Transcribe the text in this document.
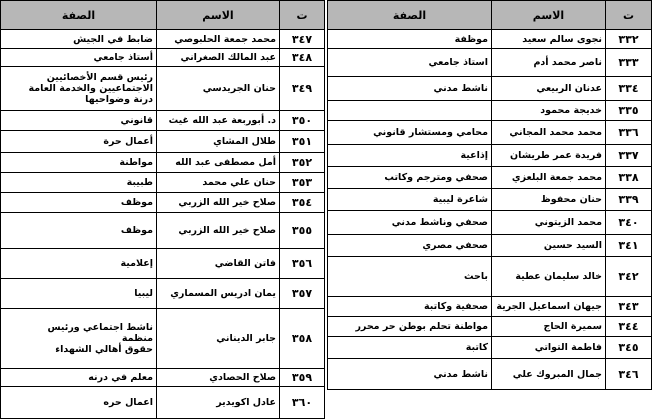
ت	الاسم	الصفة
٣٣٢	نجوى سالم سعيد	موظفة
٣٣٣	ناصر محمد أدم	استاذ جامعي
٣٣٤	عدنان الربيعي	ناشط مدني
٣٣٥	خديجة محمود	
٣٣٦	محمد محمد المجاني	محامي ومستشار قانوني
٣٣٧	فريدة عمر طريشان	إذاعية
٣٣٨	محمد جمعة البلعزي	صحفي ومترجم وكاتب
٣٣٩	حنان محفوظ	شاعرة ليبية
٣٤٠	محمد الزيتوني	صحفي وناشط مدني
٣٤١	السيد حسين	صحفي مصري
٣٤٢	خالد سليمان عطية	باحث
٣٤٣	جيهان اسماعيل الجرية	صحفية وكاتبة
٣٤٤	سميرة الحاج	مواطنة تحلم بوطن حر محرر
٣٤٥	فاطمة التواتي	كاتبة
٣٤٦	جمال المبروك علي	ناشط مدني
ت	الاسم	الصفة
٣٤٧	محمد جمعة الحلبوصي	ضابط في الجيش
٣٤٨	عبد المالك الصغراني	أستاذ جامعي
٣٤٩	حنان الجريدسي	رئيس قسم الأخصائيين
الاجتماعيين والخدمة العامة
درنة وضواحيها
٣٥٠	د. أبوربعة عبد الله غيث	قانوني
٣٥١	طلال المشاي	أعمال حرة
٣٥٢	أمل مصطفى عبد الله	مواطنة
٣٥٣	حنان علي محمد	طبيبة
٣٥٤	صلاح خير الله الزربي	موظف
٣٥٥	صلاح خير الله الزربي	موظف
٣٥٦	فاتن القاضي	إعلامية
٣٥٧	يمان ادريس المسماري	ليبيا
٣٥٨	جابر الديناني	ناشط اجتماعي ورئيس
منظمة
حقوق أهالي الشهداء
٣٥٩	صلاح الحصادي	معلم في درنه
٣٦٠	عادل اكويدير	اعمال حره
